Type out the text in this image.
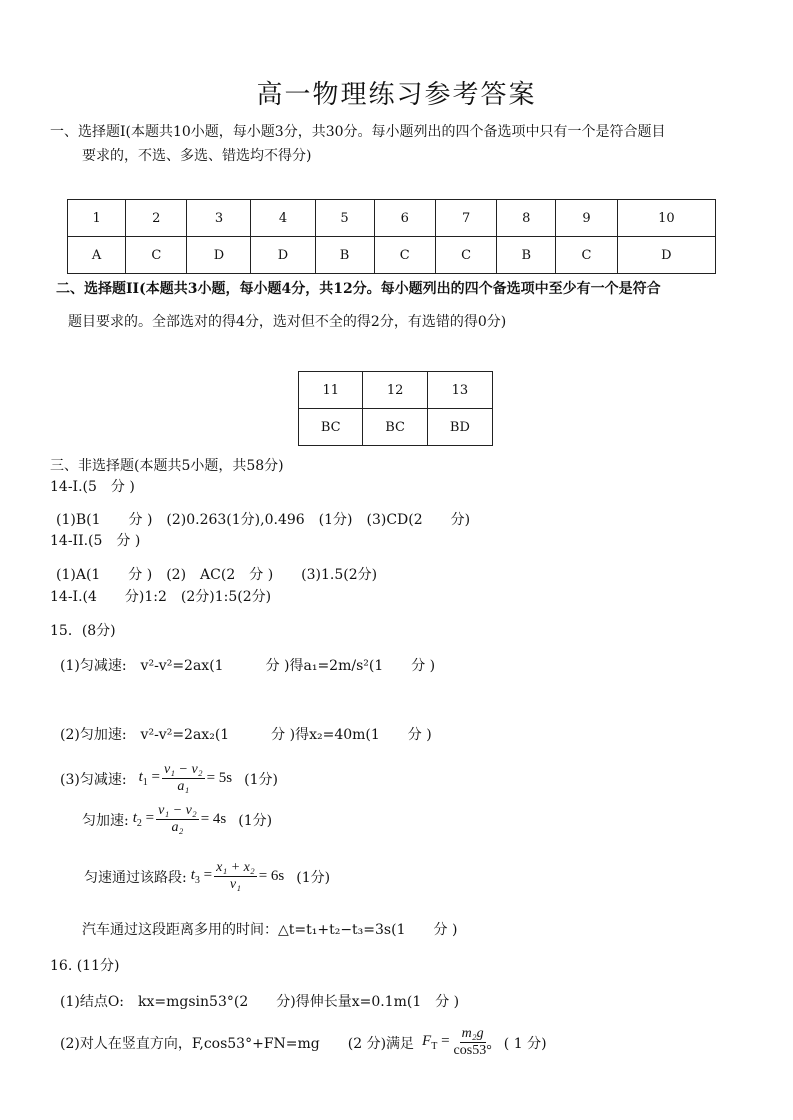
高一物理练习参考答案
一、选择题I(本题共10小题，每小题3分，共30分。每小题列出的四个备选项中只有一个是符合题目
要求的，不选、多选、错选均不得分)
1	2	3	4	5	6	7	8	9	10
A	C	D	D	B	C	C	B	C	D
二、选择题II(本题共3小题，每小题4分，共12分。每小题列出的四个备选项中至少有一个是符合
题目要求的。全部选对的得4分，选对但不全的得2分，有选错的得0分)
11	12	13
BC	BC	BD
三、非选择题(本题共5小题，共58分)
14-I.(5　分 )
(1)B(1　　分 )　(2)0.263(1分),0.496　(1分)　(3)CD(2　　分)
14-II.(5　分 )
(1)A(1　　分 )　(2)　AC(2　分 )　　(3)1.5(2分)
14-I.(4　　分)1:2　(2分)1:5(2分)
15．(8分)
(1)匀减速:　v²-v²=2ax(1　　　分 )得a₁=2m/s²(1　　分 )
(2)匀加速:　v²-v²=2ax₂(1　　　分 )得x₂=40m(1　　分 )
(3)匀减速: $t_1 = \frac{\text{v₁ − v₂}}{\text{a₁}} = 5s$ (1分)
匀加速: $t_2 = \frac{\text{v₁ − v₂}}{\text{a₂}} = 4s$ (1分)
匀速通过该路段: $t_3 = \frac{\text{x₁ + x₂}}{\text{v₁}} = 6s$ (1分)
汽车通过这段距离多用的时间：△t=t₁+t₂−t₃=3s(1　　分 )
16. (11分)
(1)结点O:　kx=mgsin53°(2　　分)得伸长量x=0.1m(1　分 )
(2)对人在竖直方向，F,cos53°+FN=mg　　(2 分)满足 $F_T = \frac{\text{m₂g}}{\cos 53^\circ}$ ( 1 分)
